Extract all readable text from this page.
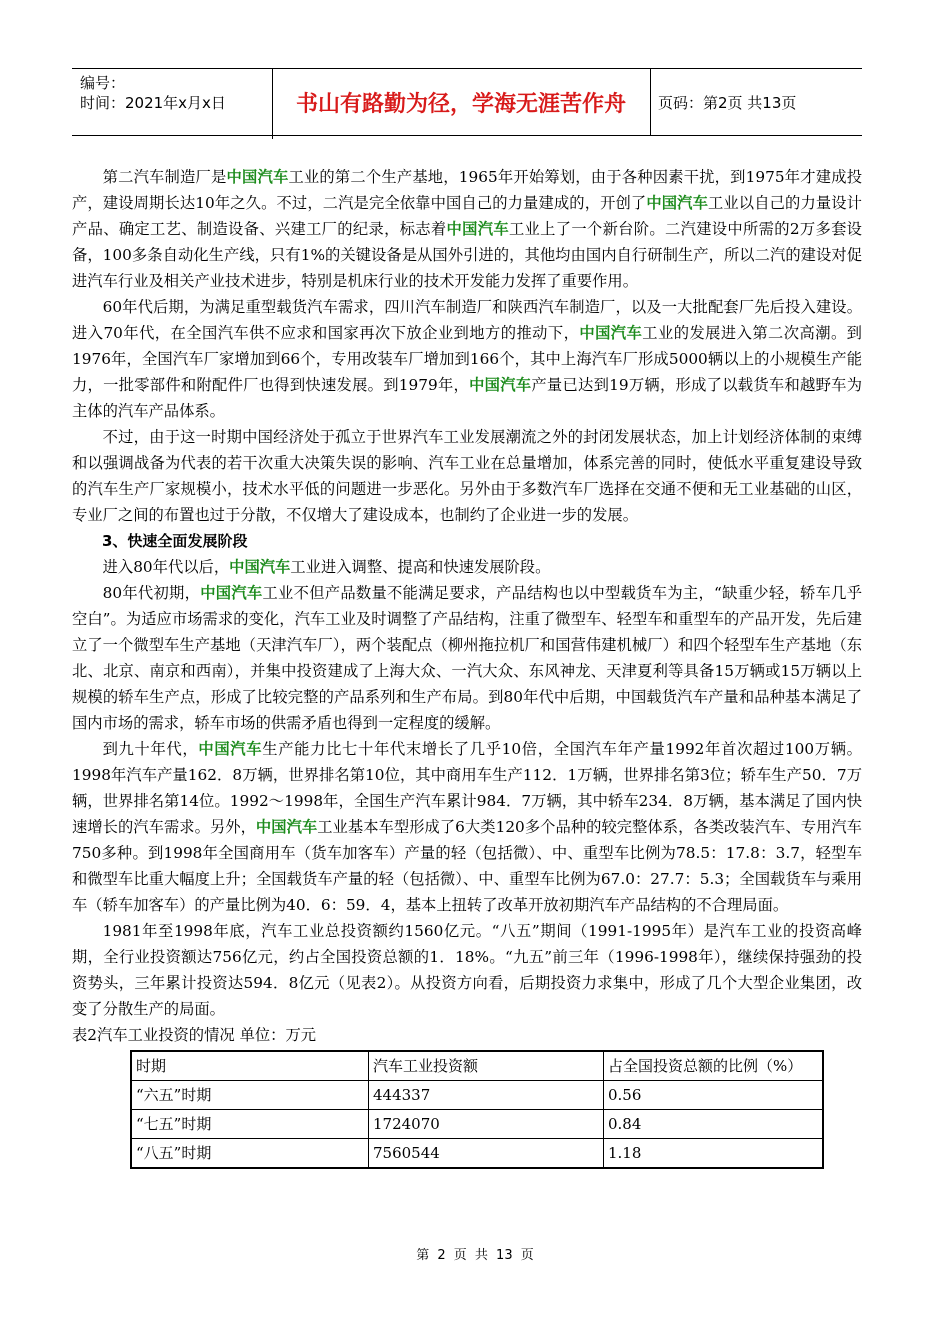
编号：
时间：2021年x月x日	书山有路勤为径，学海无涯苦作舟	页码：第2页 共13页

第二汽车制造厂是中国汽车工业的第二个生产基地，1965年开始筹划，由于各种因素干扰，到1975年才建成投产，建设周期长达10年之久。不过，二汽是完全依靠中国自己的力量建成的，开创了中国汽车工业以自己的力量设计产品、确定工艺、制造设备、兴建工厂的纪录，标志着中国汽车工业上了一个新台阶。二汽建设中所需的2万多套设备，100多条自动化生产线，只有1%的关键设备是从国外引进的，其他均由国内自行研制生产，所以二汽的建设对促进汽车行业及相关产业技术进步，特别是机床行业的技术开发能力发挥了重要作用。

60年代后期，为满足重型载货汽车需求，四川汽车制造厂和陕西汽车制造厂，以及一大批配套厂先后投入建设。进入70年代，在全国汽车供不应求和国家再次下放企业到地方的推动下，中国汽车工业的发展进入第二次高潮。到1976年，全国汽车厂家增加到66个，专用改装车厂增加到166个，其中上海汽车厂形成5000辆以上的小规模生产能力，一批零部件和附配件厂也得到快速发展。到1979年，中国汽车产量已达到19万辆，形成了以载货车和越野车为主体的汽车产品体系。

不过，由于这一时期中国经济处于孤立于世界汽车工业发展潮流之外的封闭发展状态，加上计划经济体制的束缚和以强调战备为代表的若干次重大决策失误的影响、汽车工业在总量增加，体系完善的同时，使低水平重复建设导致的汽车生产厂家规模小，技术水平低的问题进一步恶化。另外由于多数汽车厂选择在交通不便和无工业基础的山区，专业厂之间的布置也过于分散，不仅增大了建设成本，也制约了企业进一步的发展。

3、快速全面发展阶段

进入80年代以后，中国汽车工业进入调整、提高和快速发展阶段。

80年代初期，中国汽车工业不但产品数量不能满足要求，产品结构也以中型载货车为主，“缺重少轻，轿车几乎空白”。为适应市场需求的变化，汽车工业及时调整了产品结构，注重了微型车、轻型车和重型车的产品开发，先后建立了一个微型车生产基地（天津汽车厂），两个装配点（柳州拖拉机厂和国营伟建机械厂）和四个轻型车生产基地（东北、北京、南京和西南），并集中投资建成了上海大众、一汽大众、东风神龙、天津夏利等具备15万辆或15万辆以上规模的轿车生产点，形成了比较完整的产品系列和生产布局。到80年代中后期，中国载货汽车产量和品种基本满足了国内市场的需求，轿车市场的供需矛盾也得到一定程度的缓解。

到九十年代，中国汽车生产能力比七十年代末增长了几乎10倍，全国汽车年产量1992年首次超过100万辆。1998年汽车产量162．8万辆，世界排名第10位，其中商用车生产112．1万辆，世界排名第3位；轿车生产50．7万辆，世界排名第14位。1992～1998年，全国生产汽车累计984．7万辆，其中轿车234．8万辆，基本满足了国内快速增长的汽车需求。另外，中国汽车工业基本车型形成了6大类120多个品种的较完整体系，各类改装汽车、专用汽车750多种。到1998年全国商用车（货车加客车）产量的轻（包括微）、中、重型车比例为78.5：17.8：3.7，轻型车和微型车比重大幅度上升；全国载货车产量的轻（包括微）、中、重型车比例为67.0：27.7：5.3；全国载货车与乘用车（轿车加客车）的产量比例为40．6：59．4，基本上扭转了改革开放初期汽车产品结构的不合理局面。

1981年至1998年底，汽车工业总投资额约1560亿元。“八五”期间（1991-1995年）是汽车工业的投资高峰期，全行业投资额达756亿元，约占全国投资总额的1．18%。“九五”前三年（1996-1998年），继续保持强劲的投资势头，三年累计投资达594．8亿元（见表2）。从投资方向看，后期投资力求集中，形成了几个大型企业集团，改变了分散生产的局面。

表2汽车工业投资的情况 单位：万元

时期	汽车工业投资额	占全国投资总额的比例（%）
“六五”时期	444337	0.56
“七五”时期	1724070	0.84
“八五”时期	7560544	1.18
第 2 页 共 13 页
